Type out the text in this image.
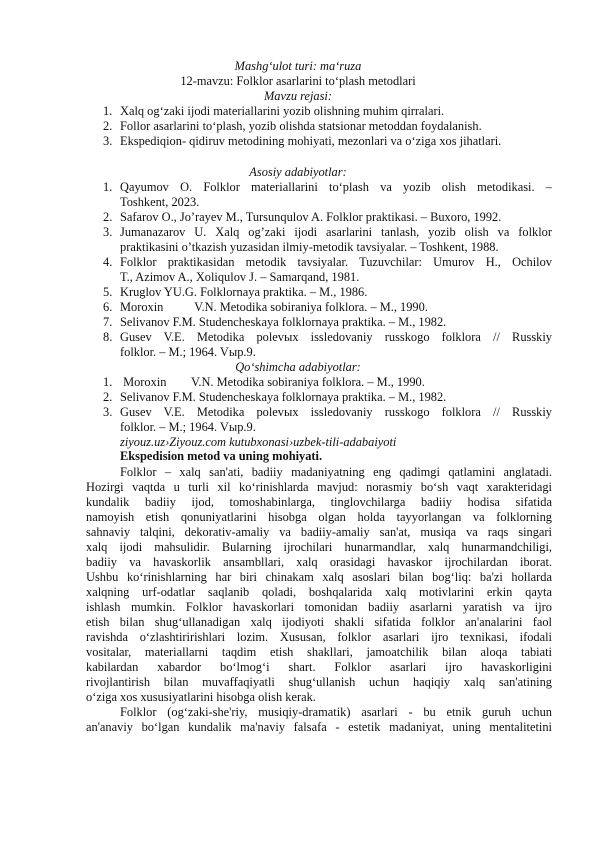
Mashg‘ulot turi: ma‘ruza
12-mavzu: Folklor asarlarini to‘plash metodlari
Mavzu rejasi:
1. Xalq og‘zaki ijodi materiallarini yozib olishning muhim qirralari.
2. Follor asarlarini to‘plash, yozib olishda statsionar metoddan foydalanish.
3. Ekspediqion- qidiruv metodining mohiyati, mezonlari va o‘ziga xos jihatlari.
Asosiy adabiyotlar:
1. Qayumov O. Folklor materiallarini to‘plash va yozib olish metodikasi. –
Toshkent, 2023.
2. Safarov O., Jo’rayev M., Tursunqulov A. Folklor praktikasi. – Buxoro, 1992.
3. Jumanazarov U. Xalq og’zaki ijodi asarlarini tanlash, yozib olish va folklor
praktikasini o’tkazish yuzasidan ilmiy-metodik tavsiyalar. – Toshkent, 1988.
4. Folklor praktikasidan metodik tavsiyalar. Tuzuvchilar: Umurov H., Ochilov
T., Azimov A., Xoliqulov J. – Samarqand, 1981.
5. Kruglov YU.G. Folklornaya praktika. – M., 1986.
6. Moroxin          V.N. Metodika sobiraniya folklora. – M., 1990.
7. Selivanov F.M. Studencheskaya folklornaya praktika. – M., 1982.
8. Gusev V.E. Metodika polevых issledovaniy russkogo folklora // Russkiy
folklor. – M.; 1964. Vыр.9.
Qo‘shimcha adabiyotlar:
1. Moroxin        V.N. Metodika sobiraniya folklora. – M., 1990.
2. Selivanov F.M. Studencheskaya folklornaya praktika. – M., 1982.
3. Gusev V.E. Metodika polevых issledovaniy russkogo folklora // Russkiy
folklor. – M.; 1964. Vыр.9.
ziyouz.uz›Ziyouz.com kutubxonasi›uzbek-tili-adabaiyoti
Ekspedision metod va uning mohiyati.
Folklor – xalq san'ati, badiiy madaniyatning eng qadimgi qatlamini anglatadi.
Hozirgi vaqtda u turli xil ko‘rinishlarda mavjud: norasmiy bo‘sh vaqt xarakteridagi
kundalik badiiy ijod, tomoshabinlarga, tinglovchilarga badiiy hodisa sifatida
namoyish etish qonuniyatlarini hisobga olgan holda tayyorlangan va folklorning
sahnaviy talqini, dekorativ-amaliy va badiiy-amaliy san'at, musiqa va raqs singari
xalq ijodi mahsulidir. Bularning ijrochilari hunarmandlar, xalq hunarmandchiligi,
badiiy va havaskorlik ansambllari, xalq orasidagi havaskor ijrochilardan iborat.
Ushbu ko‘rinishlarning har biri chinakam xalq asoslari bilan bog‘liq: ba'zi hollarda
xalqning urf-odatlar saqlanib qoladi, boshqalarida xalq motivlarini erkin qayta
ishlash mumkin. Folklor havaskorlari tomonidan badiiy asarlarni yaratish va ijro
etish bilan shug‘ullanadigan xalq ijodiyoti shakli sifatida folklor an'analarini faol
ravishda o‘zlashtiririshlari lozim. Xususan, folklor asarlari ijro texnikasi, ifodali
vositalar, materiallarni taqdim etish shakllari, jamoatchilik bilan aloqa tabiati
kabilardan xabardor bo‘lmog‘i shart. Folklor asarlari ijro havaskorligini
rivojlantirish bilan muvaffaqiyatli shug‘ullanish uchun haqiqiy xalq san'atining
o‘ziga xos xususiyatlarini hisobga olish kerak.
Folklor (og‘zaki-she'riy, musiqiy-dramatik) asarlari - bu etnik guruh uchun
an'anaviy bo‘lgan kundalik ma'naviy falsafa - estetik madaniyat, uning mentalitetini
